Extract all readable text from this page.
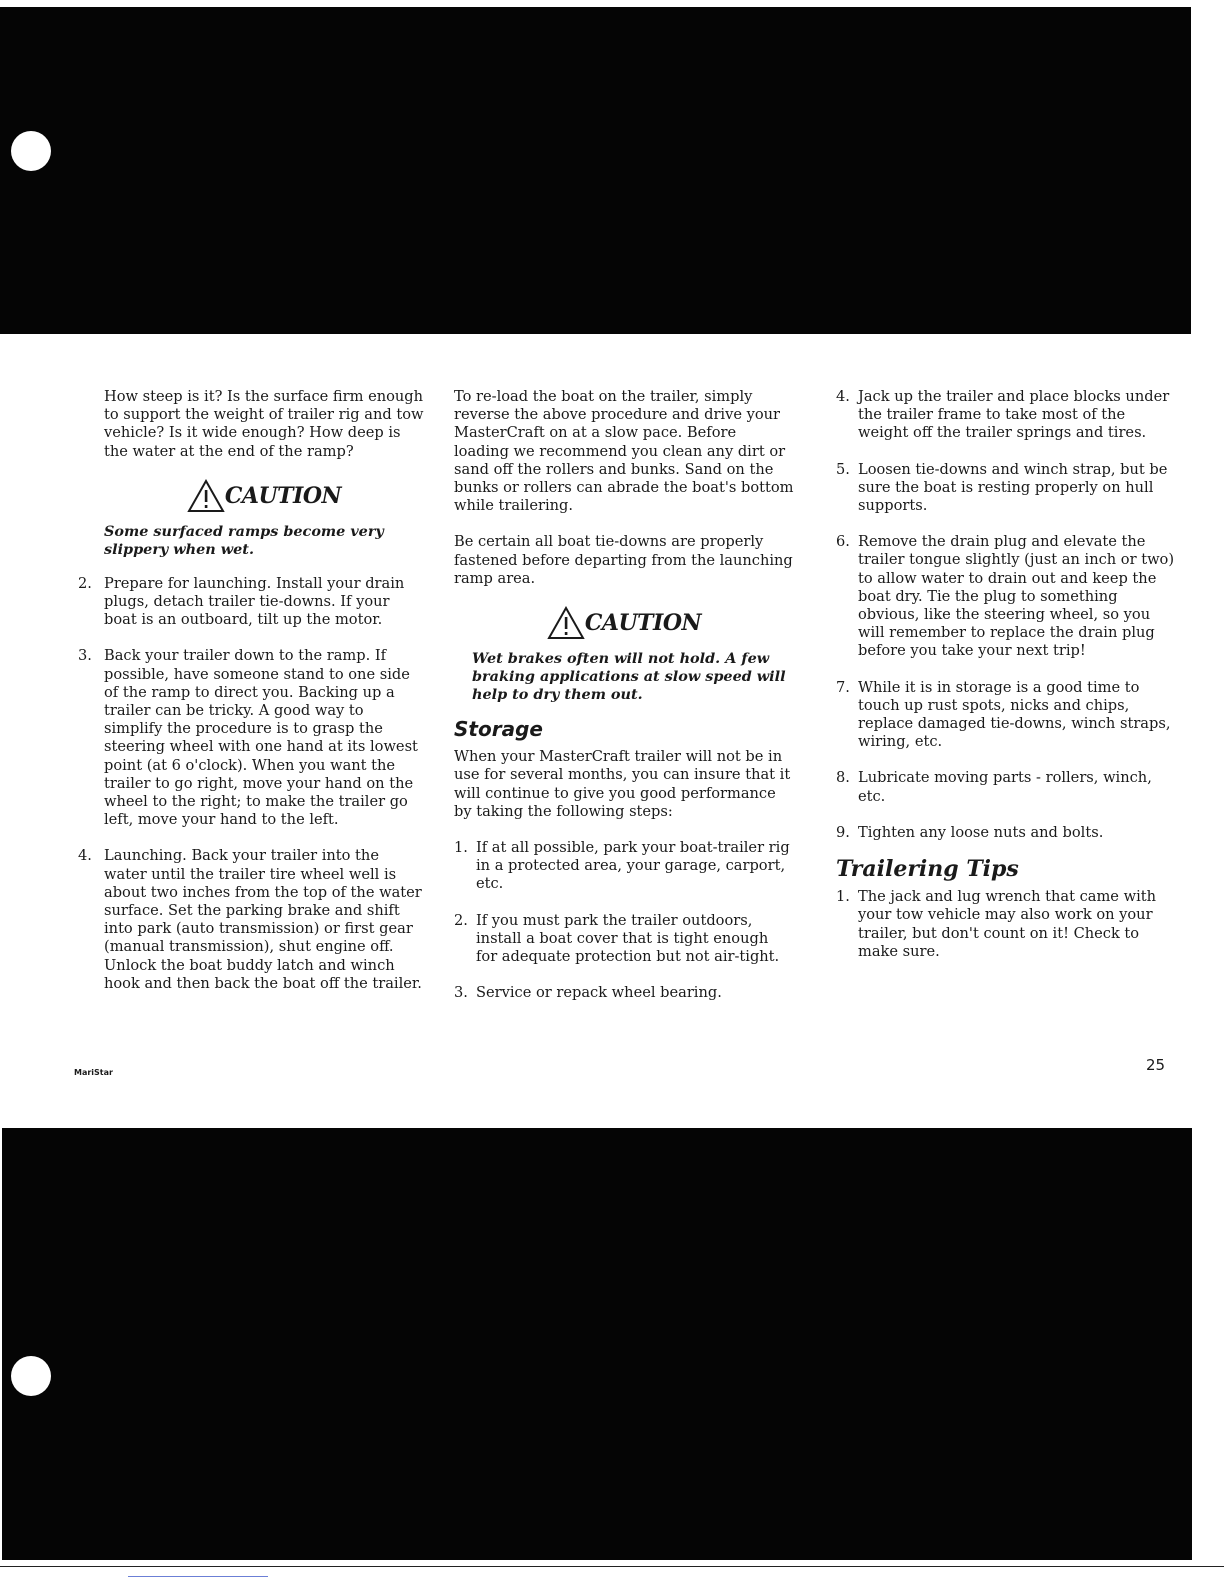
How steep is it? Is the surface firm enough to support the weight of trailer rig and tow vehicle? Is it wide enough? How deep is the water at the end of the ramp?

CAUTION

Some surfaced ramps become very slippery when wet.

2. Prepare for launching. Install your drain plugs, detach trailer tie-downs. If your boat is an outboard, tilt up the motor.

3. Back your trailer down to the ramp. If possible, have someone stand to one side of the ramp to direct you. Backing up a trailer can be tricky. A good way to simplify the procedure is to grasp the steering wheel with one hand at its lowest point (at 6 o'clock). When you want the trailer to go right, move your hand on the wheel to the right; to make the trailer go left, move your hand to the left.

4. Launching. Back your trailer into the water until the trailer tire wheel well is about two inches from the top of the water surface. Set the parking brake and shift into park (auto transmission) or first gear (manual transmission), shut engine off. Unlock the boat buddy latch and winch hook and then back the boat off the trailer.

To re-load the boat on the trailer, simply reverse the above procedure and drive your MasterCraft on at a slow pace. Before loading we recommend you clean any dirt or sand off the rollers and bunks. Sand on the bunks or rollers can abrade the boat's bottom while trailering.

Be certain all boat tie-downs are properly fastened before departing from the launching ramp area.

CAUTION

Wet brakes often will not hold. A few braking applications at slow speed will help to dry them out.

Storage

When your MasterCraft trailer will not be in use for several months, you can insure that it will continue to give you good performance by taking the following steps:

1. If at all possible, park your boat-trailer rig in a protected area, your garage, carport, etc.

2. If you must park the trailer outdoors, install a boat cover that is tight enough for adequate protection but not air-tight.

3. Service or repack wheel bearing.

4. Jack up the trailer and place blocks under the trailer frame to take most of the weight off the trailer springs and tires.

5. Loosen tie-downs and winch strap, but be sure the boat is resting properly on hull supports.

6. Remove the drain plug and elevate the trailer tongue slightly (just an inch or two) to allow water to drain out and keep the boat dry. Tie the plug to something obvious, like the steering wheel, so you will remember to replace the drain plug before you take your next trip!

7. While it is in storage is a good time to touch up rust spots, nicks and chips, replace damaged tie-downs, winch straps, wiring, etc.

8. Lubricate moving parts - rollers, winch, etc.

9. Tighten any loose nuts and bolts.

Trailering Tips
1. The jack and lug wrench that came with your tow vehicle may also work on your trailer, but don't count on it! Check to make sure.

25
MariStar
